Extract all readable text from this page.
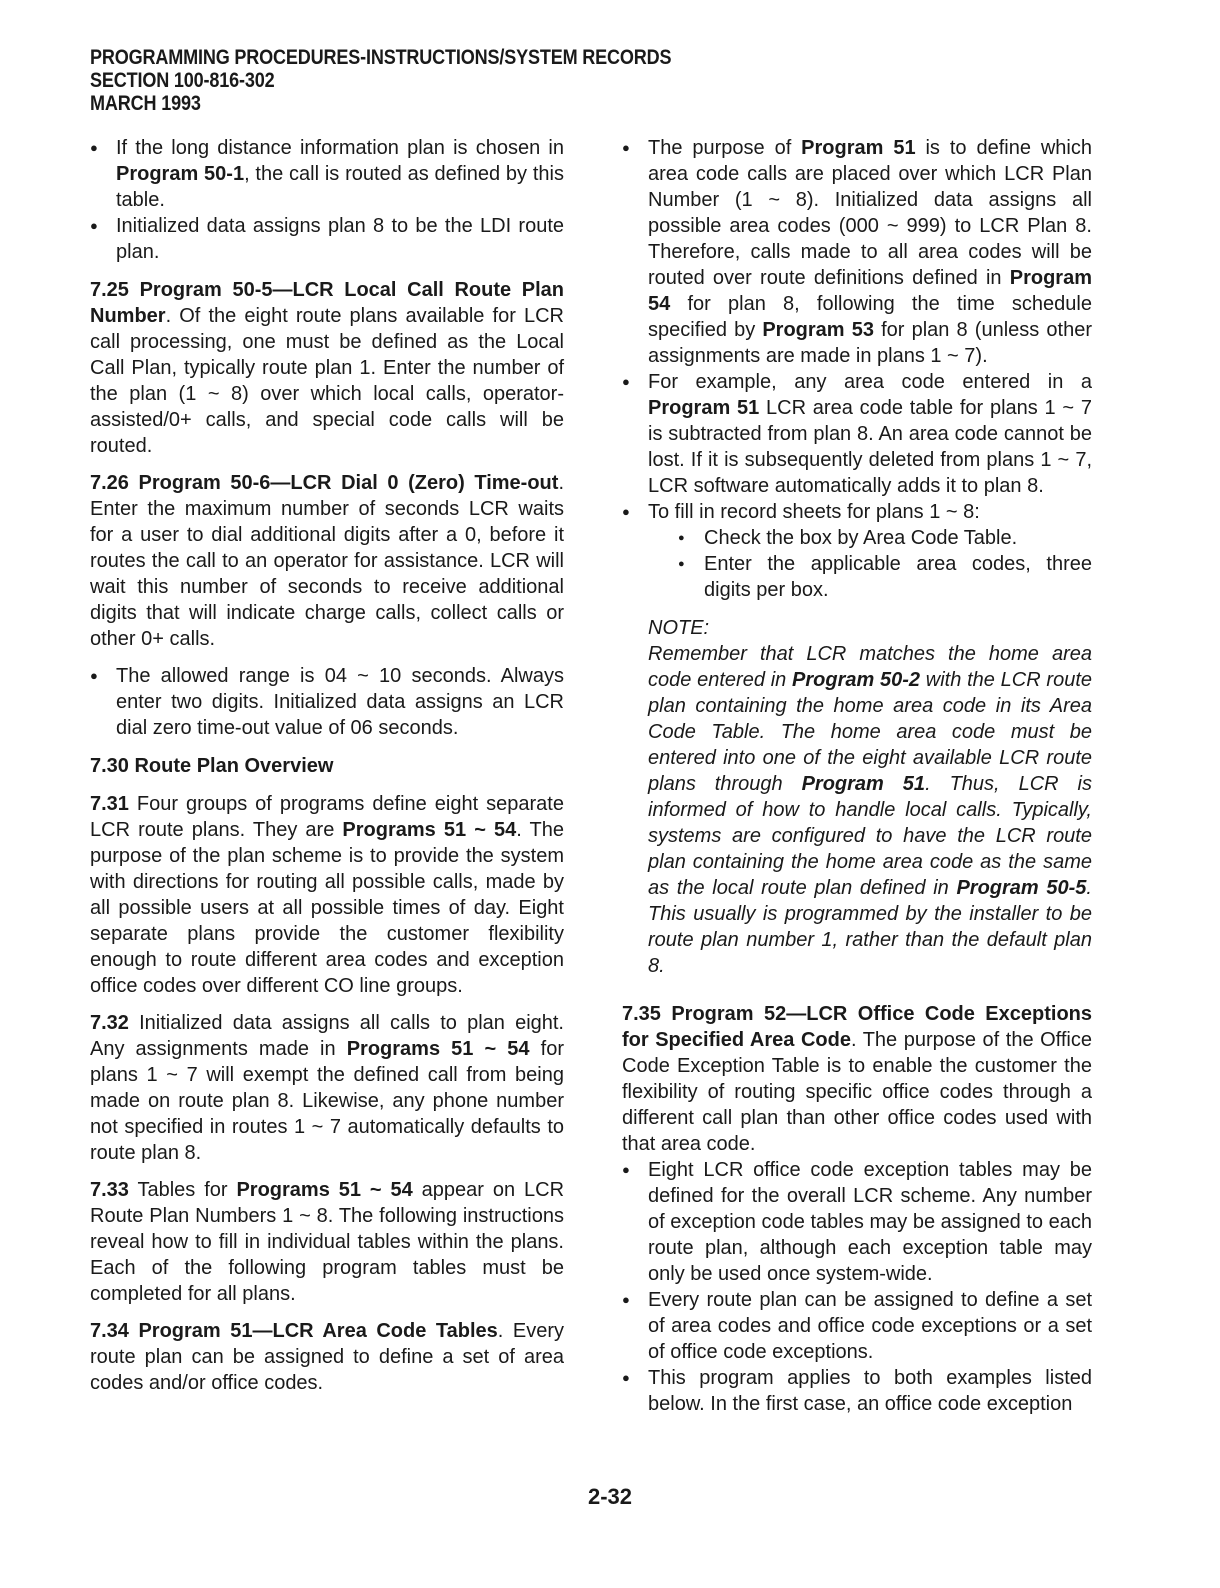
PROGRAMMING PROCEDURES-INSTRUCTIONS/SYSTEM RECORDS
SECTION 100-816-302
MARCH 1993
● If the long distance information plan is chosen in Program 50-1, the call is routed as defined by this table.
● Initialized data assigns plan 8 to be the LDI route plan.

7.25 Program 50-5—LCR Local Call Route Plan Number. Of the eight route plans available for LCR call processing, one must be defined as the Local Call Plan, typically route plan 1. Enter the number of the plan (1 ~ 8) over which local calls, operator-assisted/0+ calls, and special code calls will be routed.

7.26 Program 50-6—LCR Dial 0 (Zero) Time-out. Enter the maximum number of seconds LCR waits for a user to dial additional digits after a 0, before it routes the call to an operator for assistance. LCR will wait this number of seconds to receive additional digits that will indicate charge calls, collect calls or other 0+ calls.

● The allowed range is 04 ~ 10 seconds. Always enter two digits. Initialized data assigns an LCR dial zero time-out value of 06 seconds.

7.30 Route Plan Overview

7.31 Four groups of programs define eight separate LCR route plans. They are Programs 51 ~ 54. The purpose of the plan scheme is to provide the system with directions for routing all possible calls, made by all possible users at all possible times of day. Eight separate plans provide the customer flexibility enough to route different area codes and exception office codes over different CO line groups.

7.32 Initialized data assigns all calls to plan eight. Any assignments made in Programs 51 ~ 54 for plans 1 ~ 7 will exempt the defined call from being made on route plan 8. Likewise, any phone number not specified in routes 1 ~ 7 automatically defaults to route plan 8.

7.33 Tables for Programs 51 ~ 54 appear on LCR Route Plan Numbers 1 ~ 8. The following instructions reveal how to fill in individual tables within the plans. Each of the following program tables must be completed for all plans.

7.34 Program 51—LCR Area Code Tables. Every route plan can be assigned to define a set of area codes and/or office codes.

● The purpose of Program 51 is to define which area code calls are placed over which LCR Plan Number (1 ~ 8). Initialized data assigns all possible area codes (000 ~ 999) to LCR Plan 8. Therefore, calls made to all area codes will be routed over route definitions defined in Program 54 for plan 8, following the time schedule specified by Program 53 for plan 8 (unless other assignments are made in plans 1 ~ 7).
● For example, any area code entered in a Program 51 LCR area code table for plans 1 ~ 7 is subtracted from plan 8. An area code cannot be lost. If it is subsequently deleted from plans 1 ~ 7, LCR software automatically adds it to plan 8.
● To fill in record sheets for plans 1 ~ 8:
● Check the box by Area Code Table.
● Enter the applicable area codes, three digits per box.

NOTE:

Remember that LCR matches the home area code entered in Program 50-2 with the LCR route plan containing the home area code in its Area Code Table. The home area code must be entered into one of the eight available LCR route plans through Program 51. Thus, LCR is informed of how to handle local calls. Typically, systems are configured to have the LCR route plan containing the home area code as the same as the local route plan defined in Program 50-5. This usually is programmed by the installer to be route plan number 1, rather than the default plan 8.

7.35 Program 52—LCR Office Code Exceptions for Specified Area Code. The purpose of the Office Code Exception Table is to enable the customer the flexibility of routing specific office codes through a different call plan than other office codes used with that area code.

● Eight LCR office code exception tables may be defined for the overall LCR scheme. Any number of exception code tables may be assigned to each route plan, although each exception table may only be used once system-wide.
● Every route plan can be assigned to define a set of area codes and office code exceptions or a set of office code exceptions.
● This program applies to both examples listed below. In the first case, an office code exception
2-32
